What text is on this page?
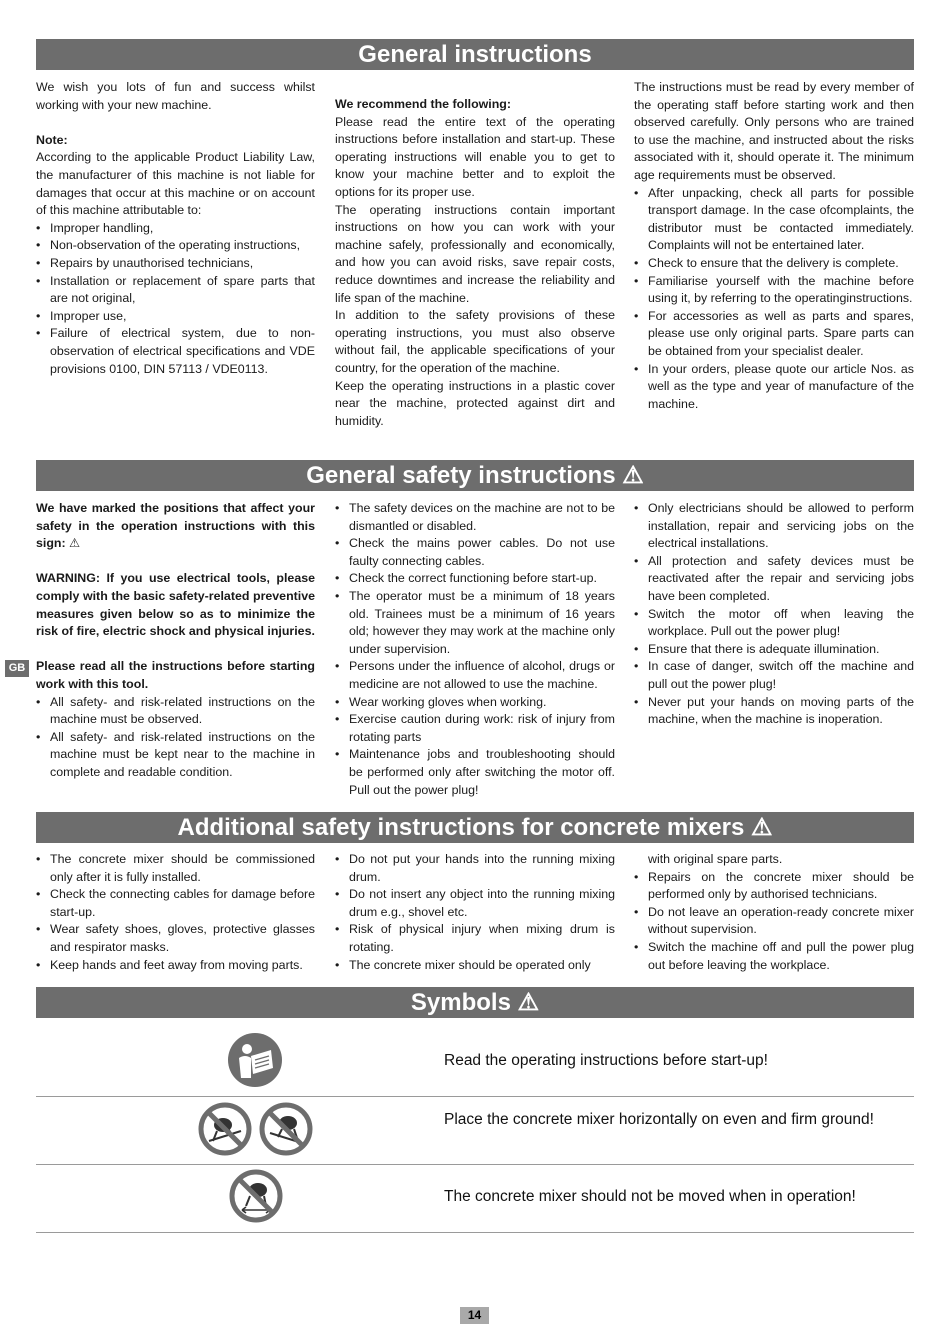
General instructions

We wish you lots of fun and success whilst working with your new machine.

Note:

According to the applicable Product Liability Law, the manufacturer of this machine is not liable for damages that occur at this machine or on account of this machine attributable to:

• Improper handling,
• Non-observation of the operating instructions,
• Repairs by unauthorised technicians,
• Installation or replacement of spare parts that are not original,
• Improper use,
• Failure of electrical system, due to non-observation of electrical specifications and VDE provisions 0100, DIN 57113 / VDE0113.

We recommend the following:

Please read the entire text of the operating instructions before installation and start-up. These operating instructions will enable you to get to know your machine better and to exploit the options for its proper use.

The operating instructions contain important instructions on how you can work with your machine safely, professionally and economically, and how you can avoid risks, save repair costs, reduce downtimes and increase the reliability and life span of the machine.

In addition to the safety provisions of these operating instructions, you must also observe without fail, the applicable specifications of your country, for the operation of the machine.

Keep the operating instructions in a plastic cover near the machine, protected against dirt and humidity.

The instructions must be read by every member of the operating staff before starting work and then observed carefully. Only persons who are trained to use the machine, and instructed about the risks associated with it, should operate it. The minimum age requirements must be observed.

• After unpacking, check all parts for possible transport damage. In the case ofcomplaints, the distributor must be contacted immediately. Complaints will not be entertained later.
• Check to ensure that the delivery is complete.
• Familiarise yourself with the machine before using it, by referring to the operatinginstructions.
• For accessories as well as parts and spares, please use only original parts. Spare parts can be obtained from your specialist dealer.
• In your orders, please quote our article Nos. as well as the type and year of manufacture of the machine.
General safety instructions ⚠
GB

We have marked the positions that affect your safety in the operation instructions with this sign: ⚠

WARNING: If you use electrical tools, please comply with the basic safety-related preventive measures given below so as to minimize the risk of fire, electric shock and physical injuries.

Please read all the instructions before starting work with this tool.

• All safety- and risk-related instructions on the machine must be observed.
• All safety- and risk-related instructions on the machine must be kept near to the machine in complete and readable condition.
• The safety devices on the machine are not to be dismantled or disabled.
• Check the mains power cables. Do not use faulty connecting cables.
• Check the correct functioning before start-up.
• The operator must be a minimum of 18 years old. Trainees must be a minimum of 16 years old; however they may work at the machine only under supervision.
• Persons under the influence of alcohol, drugs or medicine are not allowed to use the machine.
• Wear working gloves when working.
• Exercise caution during work: risk of injury from rotating parts
• Maintenance jobs and troubleshooting should be performed only after switching the motor off. Pull out the power plug!
• Only electricians should be allowed to perform installation, repair and servicing jobs on the electrical installations.
• All protection and safety devices must be reactivated after the repair and servicing jobs have been completed.
• Switch the motor off when leaving the workplace. Pull out the power plug!
• Ensure that there is adequate illumination.
• In case of danger, switch off the machine and pull out the power plug!
• Never put your hands on moving parts of the machine, when the machine is inoperation.
Additional safety instructions for concrete mixers ⚠
• The concrete mixer should be commissioned only after it is fully installed.
• Check the connecting cables for damage before start-up.
• Wear safety shoes, gloves, protective glasses and respirator masks.
• Keep hands and feet away from moving parts.
• Do not put your hands into the running mixing drum.
• Do not insert any object into the running mixing drum e.g., shovel etc.
• Risk of physical injury when mixing drum is rotating.
• The concrete mixer should be operated only

with original spare parts.

• Repairs on the concrete mixer should be performed only by authorised technicians.
• Do not leave an operation-ready concrete mixer without supervision.
• Switch the machine off and pull the power plug out before leaving the workplace.
Symbols ⚠
Read the operating instructions before start-up!
Place the concrete mixer horizontally on even and firm ground!
The concrete mixer should not be moved when in operation!
14
